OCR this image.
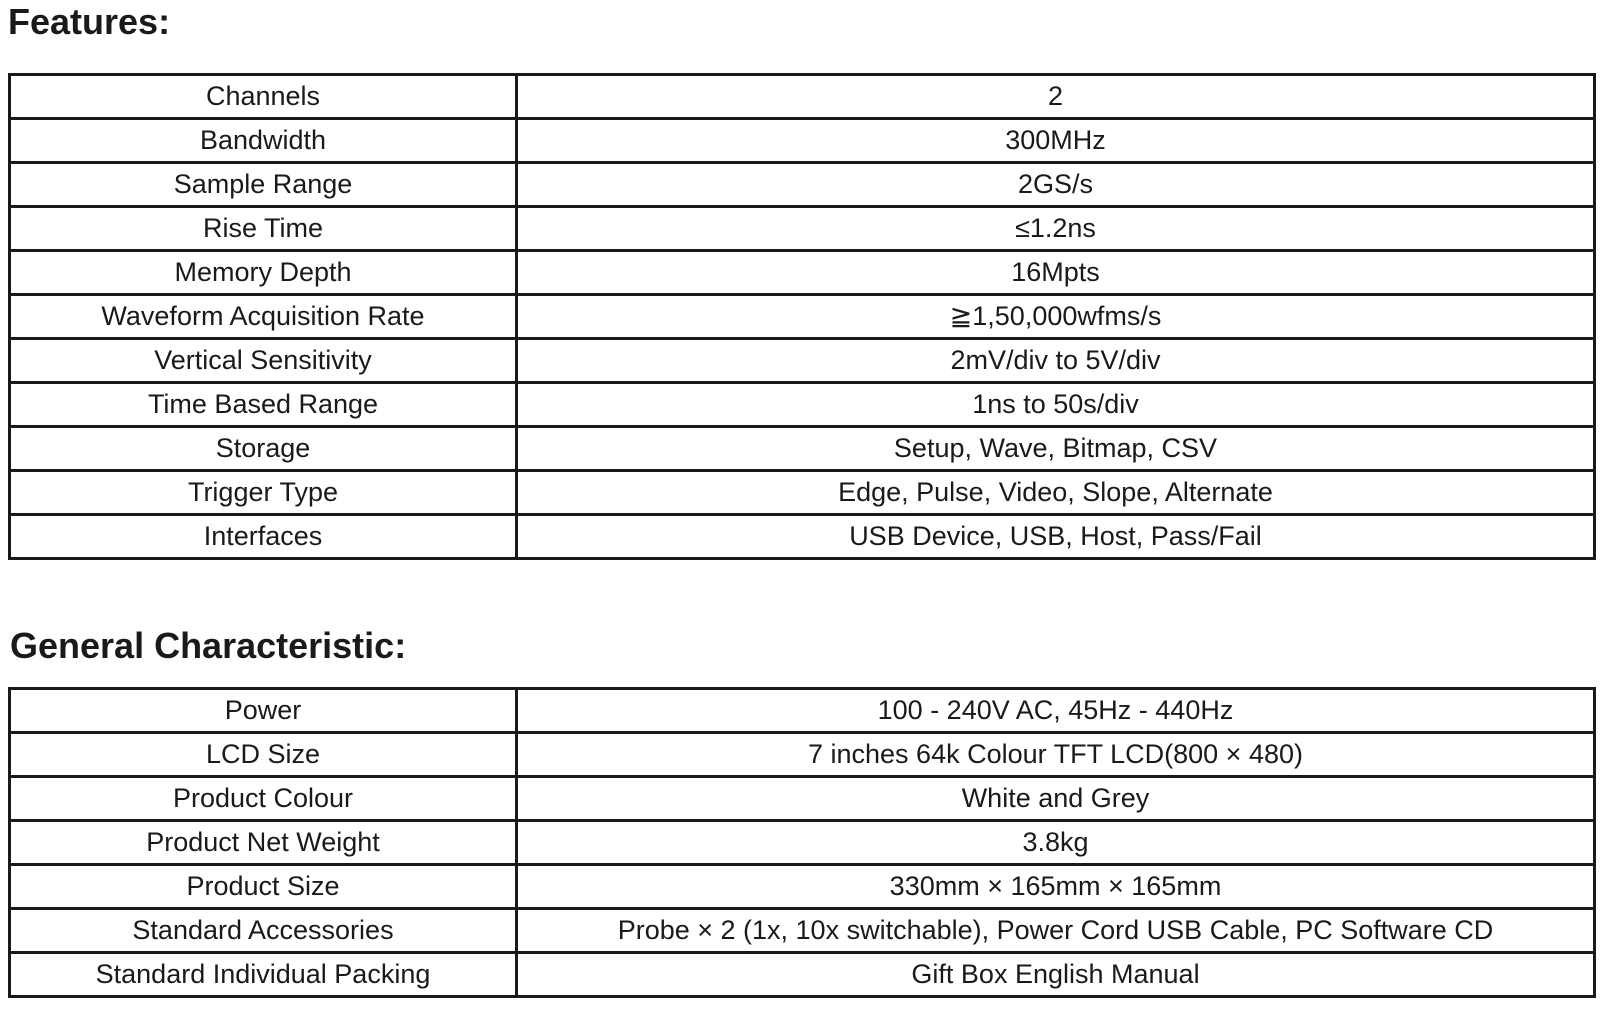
Features:
Channels	2
Bandwidth	300MHz
Sample Range	2GS/s
Rise Time	≤1.2ns
Memory Depth	16Mpts
Waveform Acquisition Rate	≧1,50,000wfms/s
Vertical Sensitivity	2mV/div to 5V/div
Time Based Range	1ns to 50s/div
Storage	Setup, Wave, Bitmap, CSV
Trigger Type	Edge, Pulse, Video, Slope, Alternate
Interfaces	USB Device, USB, Host, Pass/Fail
General Characteristic:
Power	100 - 240V AC, 45Hz - 440Hz
LCD Size	7 inches 64k Colour TFT LCD(800 × 480)
Product Colour	White and Grey
Product Net Weight	3.8kg
Product Size	330mm × 165mm × 165mm
Standard Accessories	Probe × 2 (1x, 10x switchable), Power Cord USB Cable, PC Software CD
Standard Individual Packing	Gift Box English Manual
